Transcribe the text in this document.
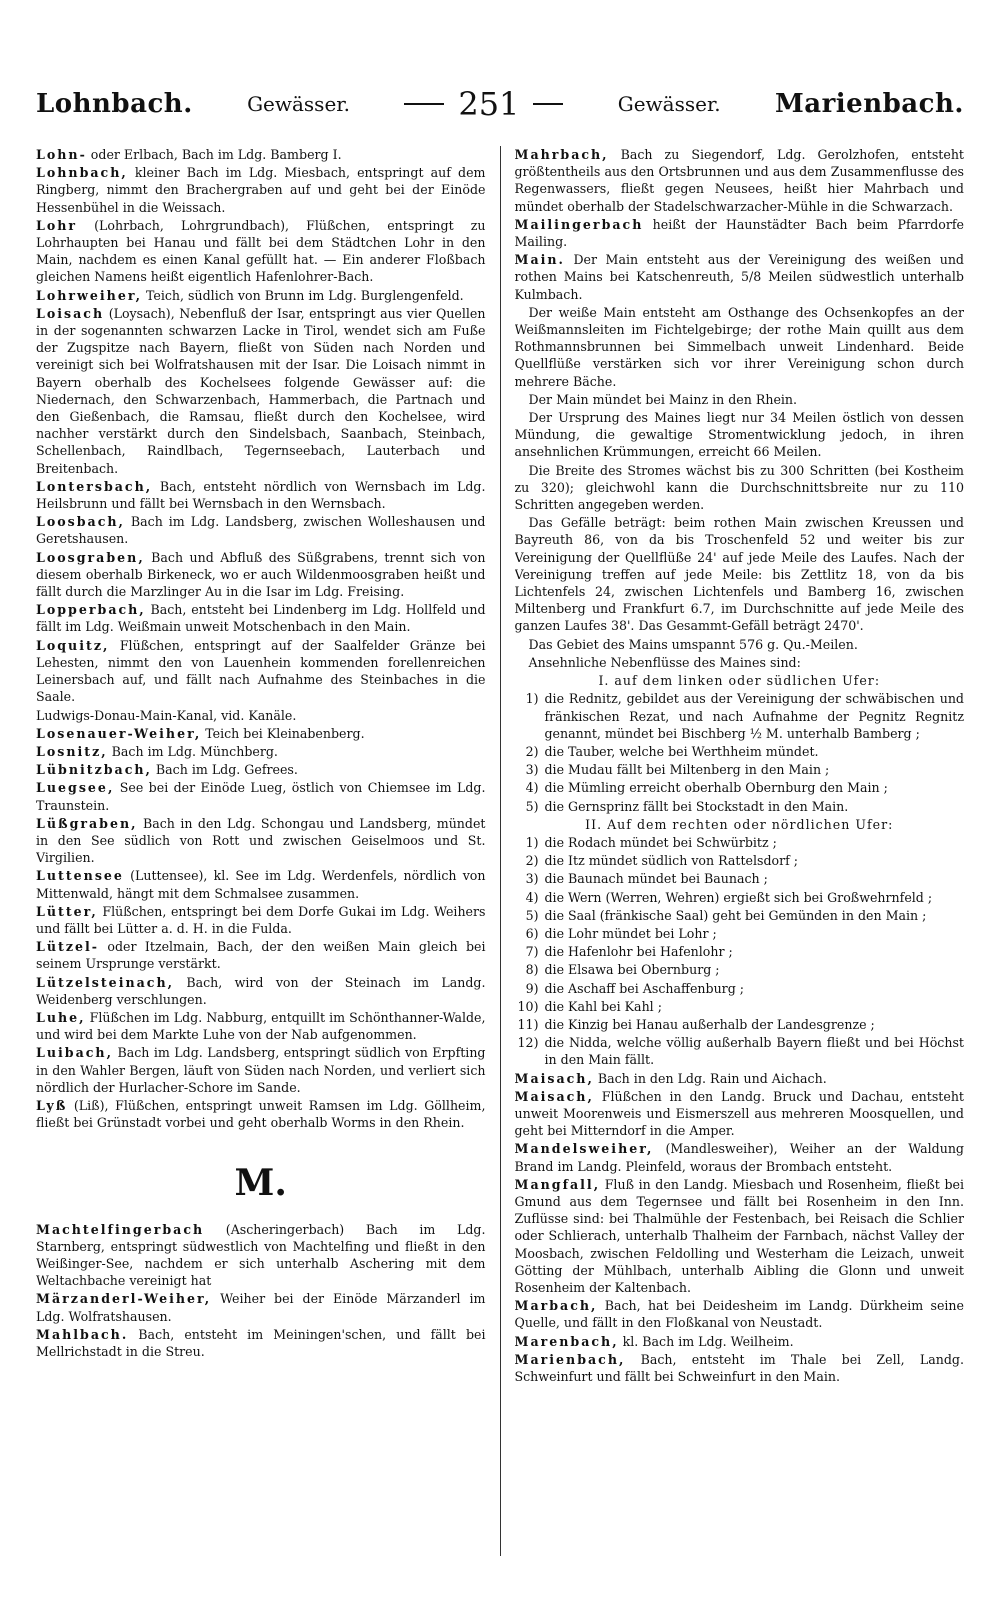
Lohnbach.	Gewässer.	251	Gewässer. Marienbach.

Lohn- oder Erlbach, Bach im Ldg. Bamberg I.

Lohnbach, kleiner Bach im Ldg. Miesbach, entspringt auf dem Ringberg, nimmt den Brachergraben auf und geht bei der Einöde Hessenbühel in die Weissach.

Lohr (Lohrbach, Lohrgrundbach), Flüßchen, entspringt zu Lohrhaupten bei Hanau und fällt bei dem Städtchen Lohr in den Main, nachdem es einen Kanal gefüllt hat. — Ein anderer Floßbach gleichen Namens heißt eigentlich Hafenlohrer-Bach.

Lohrweiher, Teich, südlich von Brunn im Ldg. Burglengenfeld.

Loisach (Loysach), Nebenfluß der Isar, entspringt aus vier Quellen in der sogenannten schwarzen Lacke in Tirol, wendet sich am Fuße der Zugspitze nach Bayern, fließt von Süden nach Norden und vereinigt sich bei Wolfratshausen mit der Isar. Die Loisach nimmt in Bayern oberhalb des Kochelsees folgende Gewässer auf: die Niedernach, den Schwarzenbach, Hammerbach, die Partnach und den Gießenbach, die Ramsau, fließt durch den Kochelsee, wird nachher verstärkt durch den Sindelsbach, Saanbach, Steinbach, Schellenbach, Raindlbach, Tegernseebach, Lauterbach und Breitenbach.

Lontersbach, Bach, entsteht nördlich von Wernsbach im Ldg. Heilsbrunn und fällt bei Wernsbach in den Wernsbach.

Loosbach, Bach im Ldg. Landsberg, zwischen Wolleshausen und Geretshausen.

Loosgraben, Bach und Abfluß des Süßgrabens, trennt sich von diesem oberhalb Birkeneck, wo er auch Wildenmoosgraben heißt und fällt durch die Marzlinger Au in die Isar im Ldg. Freising.

Lopperbach, Bach, entsteht bei Lindenberg im Ldg. Hollfeld und fällt im Ldg. Weißmain unweit Motschenbach in den Main.

Loquitz, Flüßchen, entspringt auf der Saalfelder Gränze bei Lehesten, nimmt den von Lauenhein kommenden forellenreichen Leinersbach auf, und fällt nach Aufnahme des Steinbaches in die Saale.

Ludwigs-Donau-Main-Kanal, vid. Kanäle.

Losenauer-Weiher, Teich bei Kleinabenberg.

Losnitz, Bach im Ldg. Münchberg.

Lübnitzbach, Bach im Ldg. Gefrees.

Luegsee, See bei der Einöde Lueg, östlich von Chiemsee im Ldg. Traunstein.

Lüßgraben, Bach in den Ldg. Schongau und Landsberg, mündet in den See südlich von Rott und zwischen Geiselmoos und St. Virgilien.

Luttensee (Luttensee), kl. See im Ldg. Werdenfels, nördlich von Mittenwald, hängt mit dem Schmalsee zusammen.

Lütter, Flüßchen, entspringt bei dem Dorfe Gukai im Ldg. Weihers und fällt bei Lütter a. d. H. in die Fulda.

Lützel- oder Itzelmain, Bach, der den weißen Main gleich bei seinem Ursprunge verstärkt.

Lützelsteinach, Bach, wird von der Steinach im Landg. Weidenberg verschlungen.

Luhe, Flüßchen im Ldg. Nabburg, entquillt im Schönthanner-Walde, und wird bei dem Markte Luhe von der Nab aufgenommen.

Luibach, Bach im Ldg. Landsberg, entspringt südlich von Erpfting in den Wahler Bergen, läuft von Süden nach Norden, und verliert sich nördlich der Hurlacher-Schore im Sande.

Lyß (Liß), Flüßchen, entspringt unweit Ramsen im Ldg. Göllheim, fließt bei Grünstadt vorbei und geht oberhalb Worms in den Rhein.

M.

Machtelfingerbach (Ascheringerbach) Bach im Ldg. Starnberg, entspringt südwestlich von Machtelfing und fließt in den Weißinger-See, nachdem er sich unterhalb Aschering mit dem Weltachbache vereinigt hat

Märzanderl-Weiher, Weiher bei der Einöde Märzanderl im Ldg. Wolfratshausen.

Mahlbach. Bach, entsteht im Meiningen'schen, und fällt bei Mellrichstadt in die Streu.

Mahrbach, Bach zu Siegendorf, Ldg. Gerolzhofen, entsteht größtentheils aus den Ortsbrunnen und aus dem Zusammenflusse des Regenwassers, fließt gegen Neusees, heißt hier Mahrbach und mündet oberhalb der Stadelschwarzacher-Mühle in die Schwarzach.

Mailingerbach heißt der Haunstädter Bach beim Pfarrdorfe Mailing.

Main. Der Main entsteht aus der Vereinigung des weißen und rothen Mains bei Katschenreuth, 5/8 Meilen südwestlich unterhalb Kulmbach.

Der weiße Main entsteht am Osthange des Ochsenkopfes an der Weißmannsleiten im Fichtelgebirge; der rothe Main quillt aus dem Rothmannsbrunnen bei Simmelbach unweit Lindenhard. Beide Quellflüße verstärken sich vor ihrer Vereinigung schon durch mehrere Bäche.

Der Main mündet bei Mainz in den Rhein.

Der Ursprung des Maines liegt nur 34 Meilen östlich von dessen Mündung, die gewaltige Stromentwicklung jedoch, in ihren ansehnlichen Krümmungen, erreicht 66 Meilen.

Die Breite des Stromes wächst bis zu 300 Schritten (bei Kostheim zu 320); gleichwohl kann die Durchschnittsbreite nur zu 110 Schritten angegeben werden.

Das Gefälle beträgt: beim rothen Main zwischen Kreussen und Bayreuth 86, von da bis Troschenfeld 52 und weiter bis zur Vereinigung der Quellflüße 24' auf jede Meile des Laufes. Nach der Vereinigung treffen auf jede Meile: bis Zettlitz 18, von da bis Lichtenfels 24, zwischen Lichtenfels und Bamberg 16, zwischen Miltenberg und Frankfurt 6.7, im Durchschnitte auf jede Meile des ganzen Laufes 38'. Das Gesammt-Gefäll beträgt 2470'.

Das Gebiet des Mains umspannt 576 g. Qu.-Meilen.

Ansehnliche Nebenflüsse des Maines sind:

I. auf dem linken oder südlichen Ufer:
1) die Rednitz, gebildet aus der Vereinigung der schwäbischen und fränkischen Rezat, und nach Aufnahme der Pegnitz Regnitz genannt, mündet bei Bischberg ½ M. unterhalb Bamberg ;
2) die Tauber, welche bei Werthheim mündet.
3) die Mudau fällt bei Miltenberg in den Main ;
4) die Mümling erreicht oberhalb Obernburg den Main ;
5) die Gernsprinz fällt bei Stockstadt in den Main.
II. Auf dem rechten oder nördlichen Ufer:
1) die Rodach mündet bei Schwürbitz ;
2) die Itz mündet südlich von Rattelsdorf ;
3) die Baunach mündet bei Baunach ;
4) die Wern (Werren, Wehren) ergießt sich bei Großwehrnfeld ;
5) die Saal (fränkische Saal) geht bei Gemünden in den Main ;
6) die Lohr mündet bei Lohr ;
7) die Hafenlohr bei Hafenlohr ;
8) die Elsawa bei Obernburg ;
9) die Aschaff bei Aschaffenburg ;
10) die Kahl bei Kahl ;
11) die Kinzig bei Hanau außerhalb der Landesgrenze ;
12) die Nidda, welche völlig außerhalb Bayern fließt und bei Höchst in den Main fällt.

Maisach, Bach in den Ldg. Rain und Aichach.

Maisach, Flüßchen in den Landg. Bruck und Dachau, entsteht unweit Moorenweis und Eismerszell aus mehreren Moosquellen, und geht bei Mitterndorf in die Amper.

Mandelsweiher, (Mandlesweiher), Weiher an der Waldung Brand im Landg. Pleinfeld, woraus der Brombach entsteht.

Mangfall, Fluß in den Landg. Miesbach und Rosenheim, fließt bei Gmund aus dem Tegernsee und fällt bei Rosenheim in den Inn. Zuflüsse sind: bei Thalmühle der Festenbach, bei Reisach die Schlier oder Schlierach, unterhalb Thalheim der Farnbach, nächst Valley der Moosbach, zwischen Feldolling und Westerham die Leizach, unweit Götting der Mühlbach, unterhalb Aibling die Glonn und unweit Rosenheim der Kaltenbach.

Marbach, Bach, hat bei Deidesheim im Landg. Dürkheim seine Quelle, und fällt in den Floßkanal von Neustadt.

Marenbach, kl. Bach im Ldg. Weilheim.

Marienbach, Bach, entsteht im Thale bei Zell, Landg. Schweinfurt und fällt bei Schweinfurt in den Main.
